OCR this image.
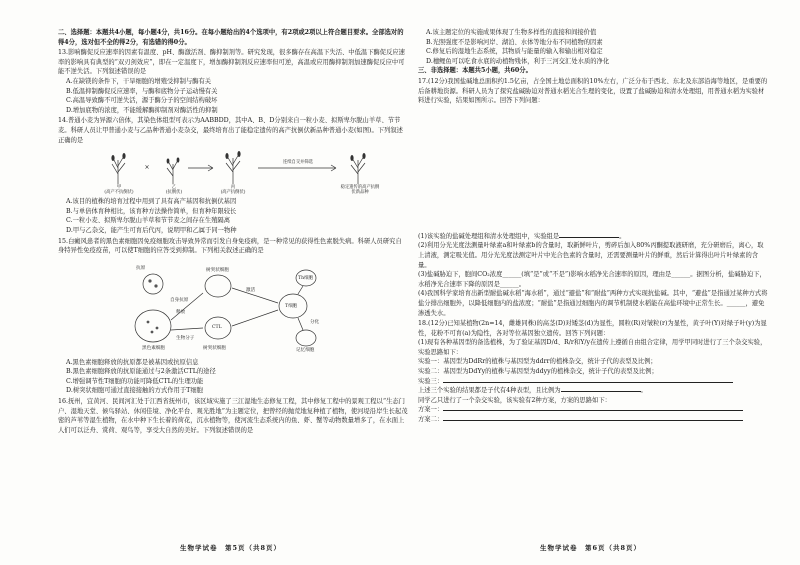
二、选择题：本题共4小题，每小题4分，共16分。在每小题给出的4个选项中，有2项或2项以上符合题目要求。全部选对的得4分，选对但不全的得2分，有选错的得0分。

13.影响酶促反应速率的因素有温度、pH、酶激活剂、酶抑制剂等。研究发现，很多酶存在高温下失活、中低温下酶促反应速率的影响具有典型的“双刃剑效应”，即在一定温度下，增加酶抑制剂反应速率但可逆，高温或应用酶抑制剂加速酶促反应中可能不逆失活。下列叙述错误的是

A.在缺镁的条件下，干旱细胞的增殖受抑制与酶有关

B.低温抑制酶促反应速率，与酶和底物分子运动慢有关

C.高温导致酶不可逆失活，源于酶分子的空间结构破坏

D.增加底物的浓度，不能缓解酶抑制剂对酶活性的抑制

14.普通小麦为异源六倍体，其染色体组型可表示为AABBDD，其中A、B、D分别来自一粒小麦、拟斯卑尔脱山羊草、节节麦。科研人员让甲普通小麦与乙品种普通小麦杂交，最终培育出了能稳定遗传的高产抗倒伏新品种普通小麦(如图)。下列叙述正确的是

甲
(高产不抗倒伏)
×
乙
(抗倒伏)
丙
(高产抗倒伏)
连续自交并筛选
稳定遗传的高产抗倒伏新品种

A.该目的植株的培育过程中用到了具有高产基因和抗倒伏基因

B.与单倍体育种相比，该育种方法操作简单，但育种年限较长

C.一粒小麦、拟斯卑尔脱山羊草和节节麦之间存在生殖隔离

D.甲与乙杂交，能产生可育后代丙，说明甲和乙属于同一物种

15.白癜风患者的黑色素细胞因免疫细胞攻击导致异常而引发自身免疫病，是一种常见的获得性色素脱失病。科研人员研究自身特异性免疫疫苗，可以使T细胞的应答受到抑制。下列相关叙述正确的是

抗原
释放
自身抗原
黑色素细胞
树突状细胞
CTL
生物分子
T细胞
Th细胞
激活
分化
记忆细胞
树突状细胞

A.黑色素细胞释放的抗原都是被基因或抗原信息

B.黑色素细胞释放的抗原能通过与2条激活CTL的途径

C.增强调节性T细胞的功能可降低CTL的生理功能

D.树突状细胞可通过直接接触的方式作用于T细胞

16.抚州，宜黄河、民间河汇处于江西省抚州市，该区域实施了三江湿地生态修复工程，其中修复工程中的景观工程以“生态门户、湿地天堂、候鸟驿站、休闲佳境、净化平台、观光胜地”为主题定位，把曾经的抛荒地复种植了植物，使河堤沿岸生长起茂密的芦苇等湿生植物，在水中种下生长着的荷花，沉水植物等，使河流生态系统内的鱼、虾、蟹等动物数量增多了，在水面上人们可以泛舟、赏荷、观鸟等，享受大自然的美好。下列叙述错误的是

生物学试卷　第5页（共8页）

A.该主题定位的实施成果体现了生物多样性的直接和间接价值

B.光照强度不是影响河岸、湖泊、水体等地分布不同植物的因素

C.修复后的湿地生态系统，其物质与能量的输入和输出相对稳定

D.穗鲤鱼可以吃食水底的动植物残体，利于三河交汇处水质的净化

三、非选择题：本题共5小题，共60分。

17.(12分)我国盐碱地总面积约1.5亿亩，占全国土地总面积的10%左右，广泛分布于西北、东北及东部沿海等地区，是重要的后备耕地资源。科研人员为了探究盐碱胁迫对普通水稻光合生理的变化，设置了盐碱胁迫和清水处理组，用普通水稻为实验材料进行实验，结果如图所示。回答下列问题：

(1)该实验的盐碱处理组和清水处理组中，实验组是	。

(2)利用分光光度法测量叶绿素a和叶绿素b的含量时，取新鲜叶片，剪碎后加入80%丙酮提取液研磨，充分研磨后，离心，取上清液，测定吸光值。用分光光度法测定叶片中光合色素的含量时，还需要测量叶片的鲜重，然后计算得出叶片叶绿素的含量。

(3)盐碱胁迫下，胞间CO₂浓度______(填“是”或“不是”)影响水稻净光合速率的原因，理由是______。据图分析，盐碱胁迫下，水稻净光合速率下降的原因是______。

(4)我国科学家培育出新型耐盐碱水稻“海水稻”，通过“避盐”和“耐盐”两种方式实现抗盐碱。其中，“避盐”是指通过某种方式将盐分排出细胞外，以降低细胞内的盐浓度；“耐盐”是指通过细胞内的调节机制使水稻能在高盐环境中正常生长。______，避免渗透失水。

18.(12分)已知某植物(2n=14，雌雄同株)的高茎(D)对矮茎(d)为显性，圆粒(R)对皱粒(r)为显性，黄子叶(Y)对绿子叶(y)为显性，花粉不可育(a)为隐性，各对等位基因独立遗传。回答下列问题：

(1)现有各种基因型的备选植株，为了验证基因D/d、R/r和Y/y在遗传上遵循自由组合定律，用学甲同时进行了三个杂交实验，实验思路如下：

实验一：基因型为DdRr的植株与基因型为ddrr的植株杂交，统计子代的表型及比例；

实验二：基因型为DdYy的植株与基因型为ddyy的植株杂交，统计子代的表型及比例；

实验三：

上述三个实验的结果都是子代有4种表型，且比例为	。

同学乙只进行了一个杂交实验，该实验有2种方案，方案的思路如下：

方案一：

方案二：

生物学试卷　第6页（共8页）
